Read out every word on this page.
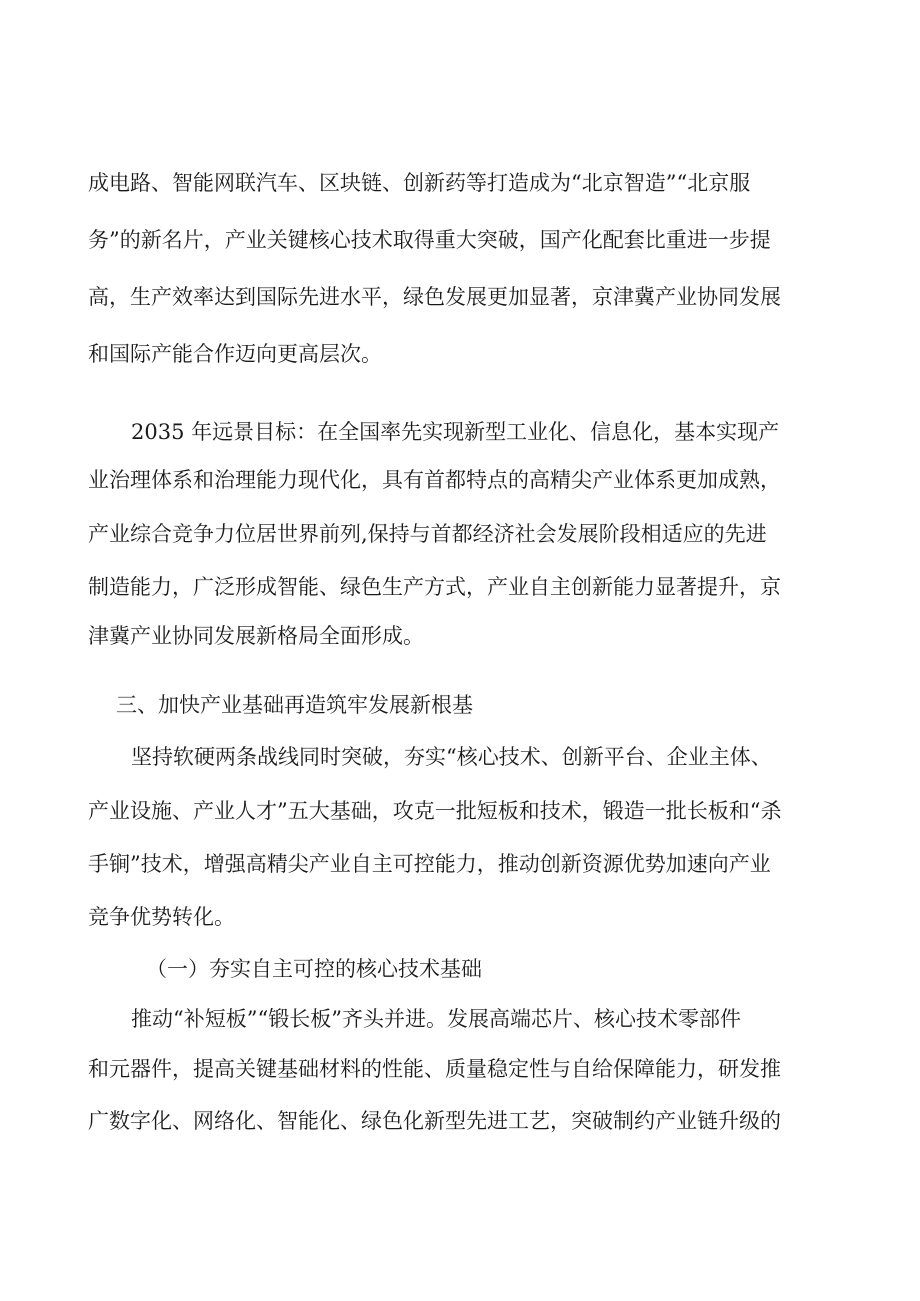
成电路、智能网联汽车、区块链、创新药等打造成为“北京智造”“北京服
务”的新名片，产业关键核心技术取得重大突破，国产化配套比重进一步提
高，生产效率达到国际先进水平，绿色发展更加显著，京津冀产业协同发展
和国际产能合作迈向更高层次。
2035 年远景目标：在全国率先实现新型工业化、信息化，基本实现产
业治理体系和治理能力现代化，具有首都特点的高精尖产业体系更加成熟，
产业综合竞争力位居世界前列,保持与首都经济社会发展阶段相适应的先进
制造能力，广泛形成智能、绿色生产方式，产业自主创新能力显著提升，京
津冀产业协同发展新格局全面形成。
三、加快产业基础再造筑牢发展新根基
坚持软硬两条战线同时突破，夯实“核心技术、创新平台、企业主体、
产业设施、产业人才”五大基础，攻克一批短板和技术，锻造一批长板和“杀
手锏”技术，增强高精尖产业自主可控能力，推动创新资源优势加速向产业
竞争优势转化。
（一）夯实自主可控的核心技术基础
推动“补短板”“锻长板”齐头并进。发展高端芯片、核心技术零部件
和元器件，提高关键基础材料的性能、质量稳定性与自给保障能力，研发推
广数字化、网络化、智能化、绿色化新型先进工艺，突破制约产业链升级的
